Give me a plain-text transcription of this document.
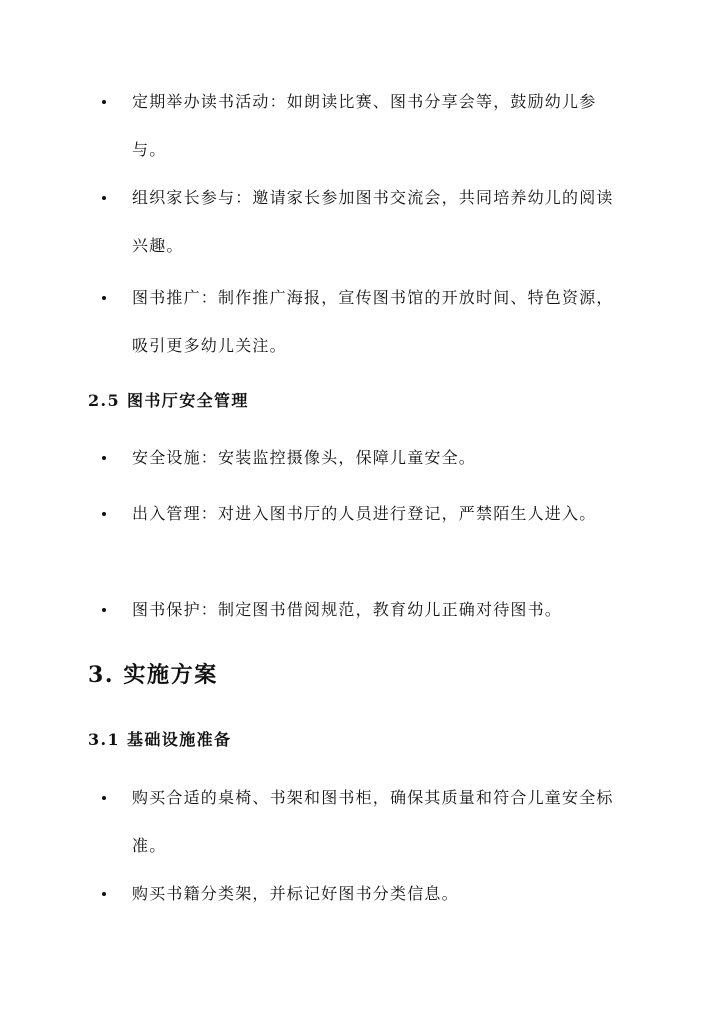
定期举办读书活动：如朗读比赛、图书分享会等，鼓励幼儿参与。
组织家长参与：邀请家长参加图书交流会，共同培养幼儿的阅读兴趣。
图书推广：制作推广海报，宣传图书馆的开放时间、特色资源，吸引更多幼儿关注。
2.5 图书厅安全管理
安全设施：安装监控摄像头，保障儿童安全。
出入管理：对进入图书厅的人员进行登记，严禁陌生人进入。
图书保护：制定图书借阅规范，教育幼儿正确对待图书。
3. 实施方案
3.1 基础设施准备
购买合适的桌椅、书架和图书柜，确保其质量和符合儿童安全标准。
购买书籍分类架，并标记好图书分类信息。
